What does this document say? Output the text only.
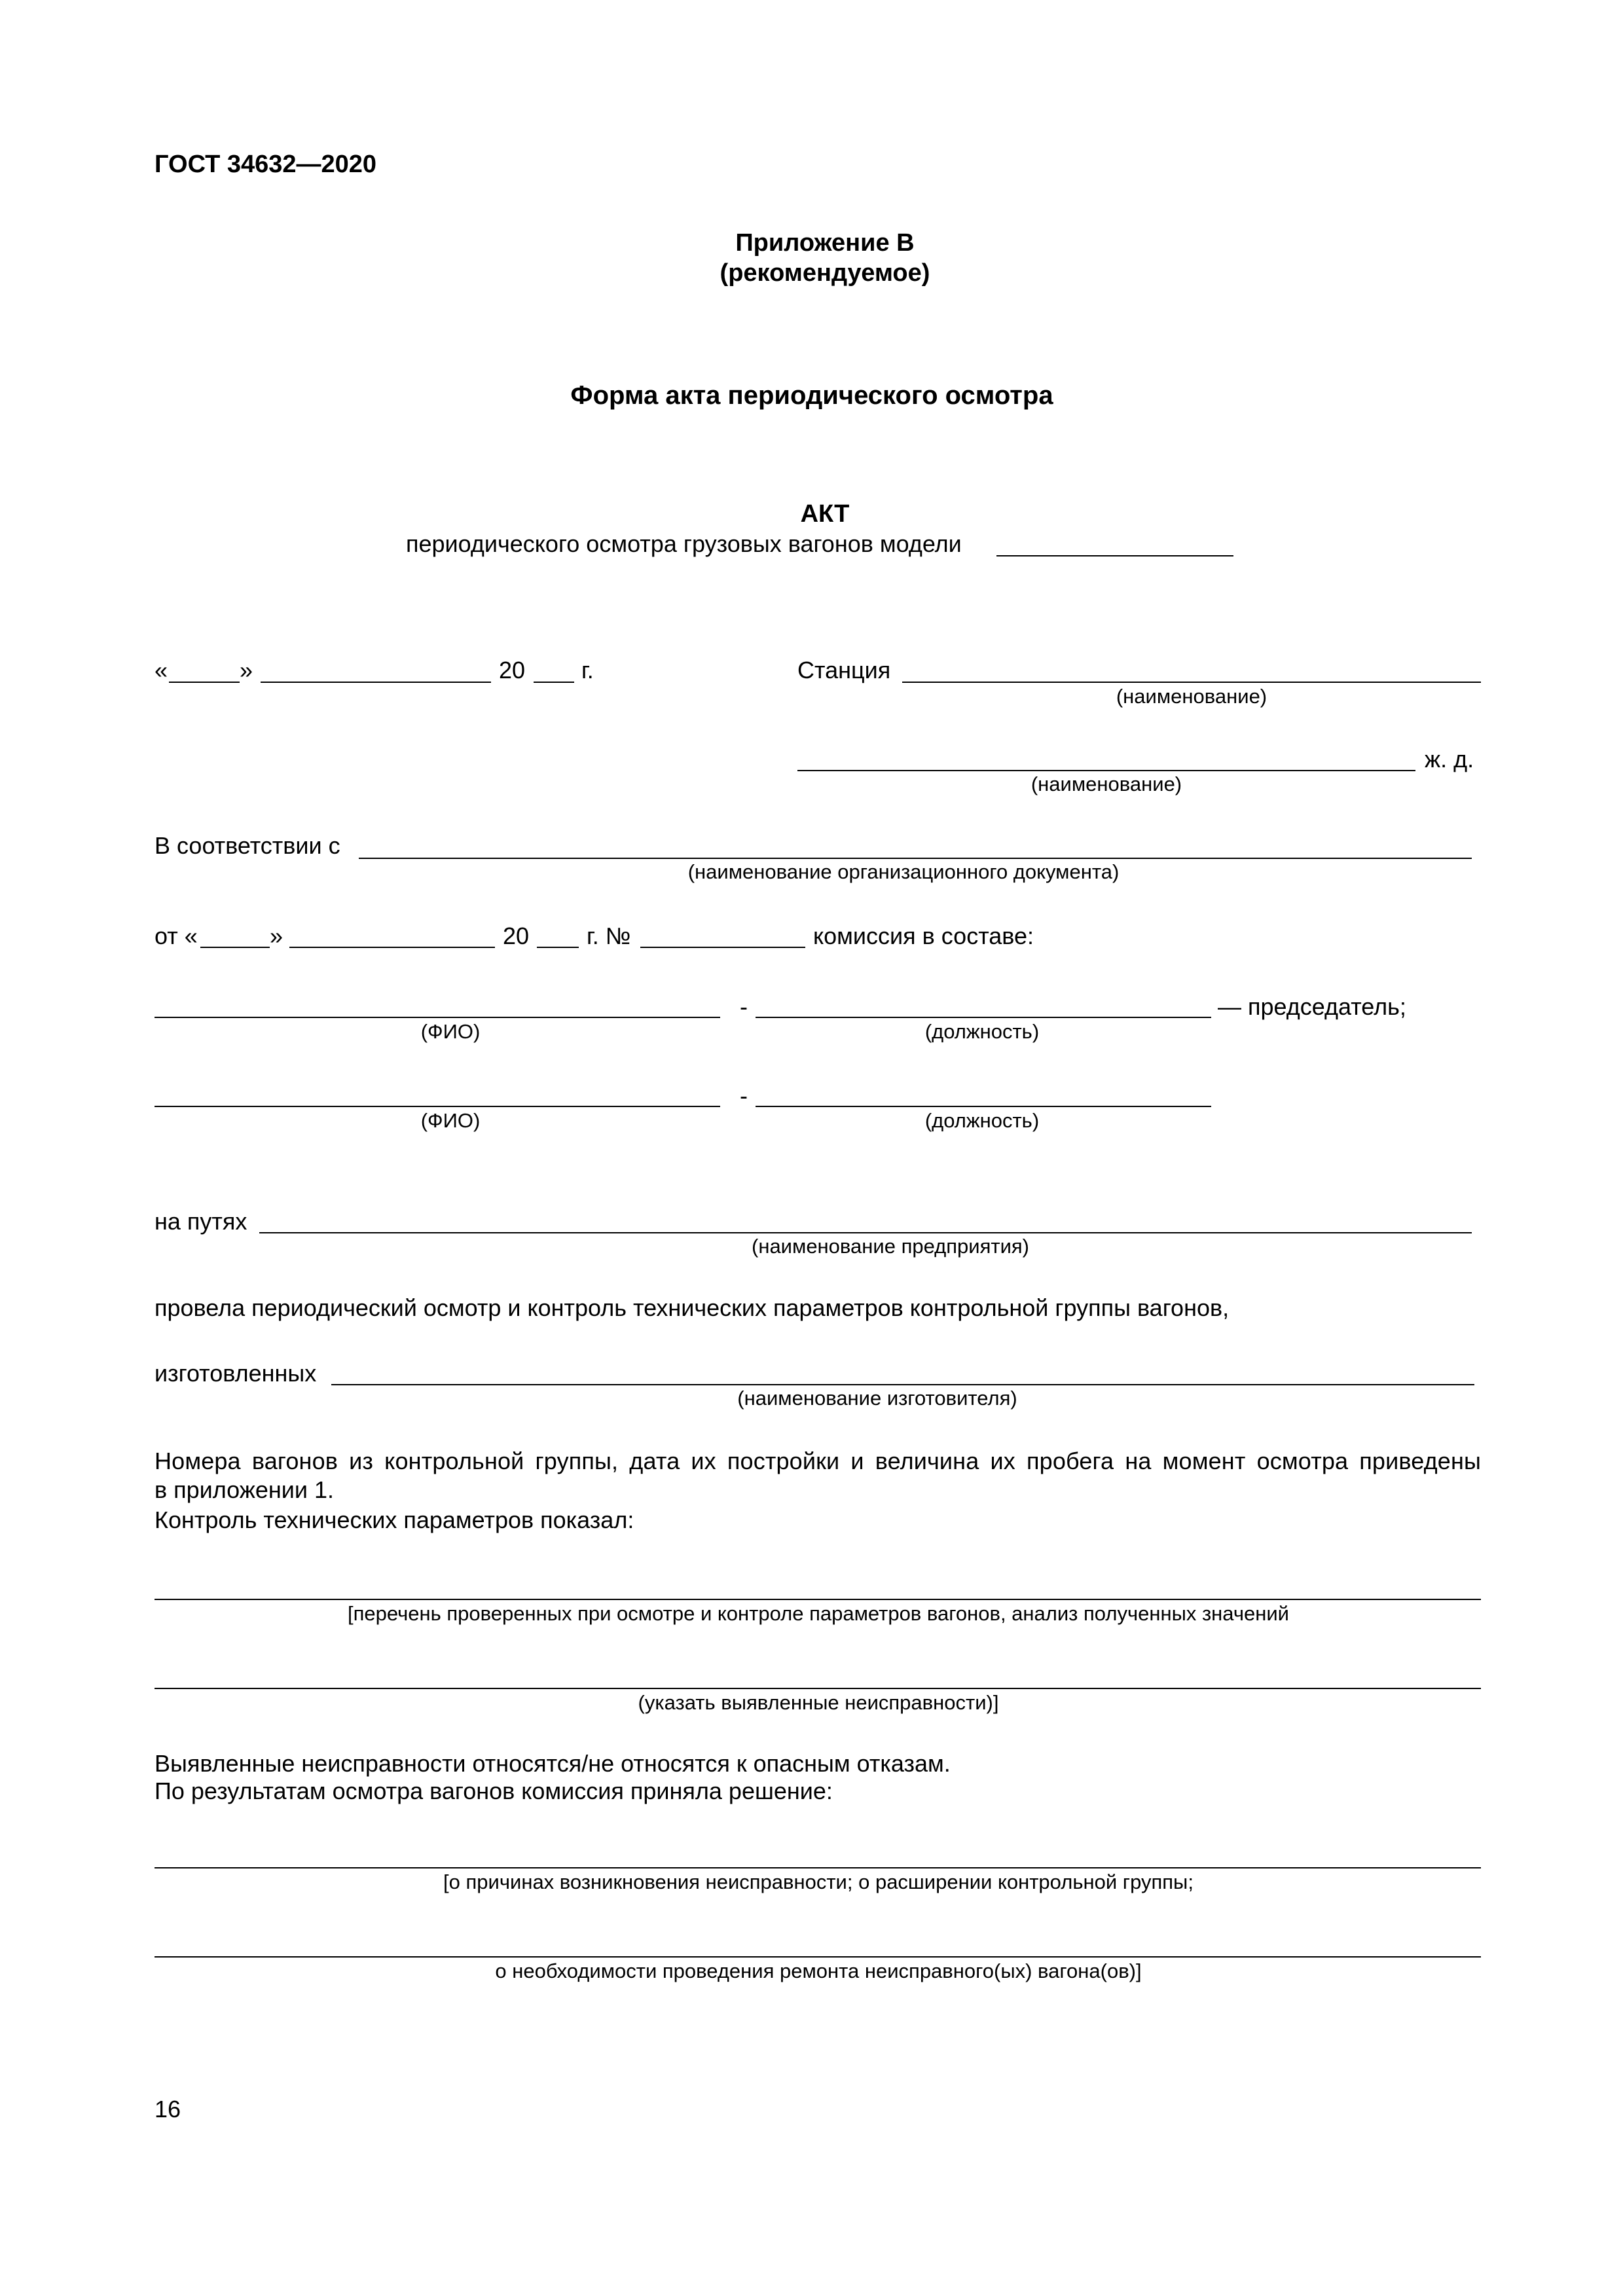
ГОСТ 34632—2020
Приложение В
(рекомендуемое)
Форма акта периодического осмотра
АКТ
периодического осмотра грузовых вагонов модели
«	»	20 г.	Станция
(наименование)
ж. д.
(наименование)
В соответствии с
(наименование организационного документа)
от «	»	20 г. №	комиссия в составе:
(ФИО)
-
(должность)
— председатель;
(ФИО)
-
(должность)
на путях
(наименование предприятия)
провела периодический осмотр и контроль технических параметров контрольной группы вагонов,
изготовленных
(наименование изготовителя)
Номера вагонов из контрольной группы, дата их постройки и величина их пробега на момент осмотра приведены
в приложении 1.
Контроль технических параметров показал:
[перечень проверенных при осмотре и контроле параметров вагонов, анализ полученных значений
(указать выявленные неисправности)]
Выявленные неисправности относятся/не относятся к опасным отказам.
По результатам осмотра вагонов комиссия приняла решение:
[о причинах возникновения неисправности; о расширении контрольной группы;
о необходимости проведения ремонта неисправного(ых) вагона(ов)]
16
